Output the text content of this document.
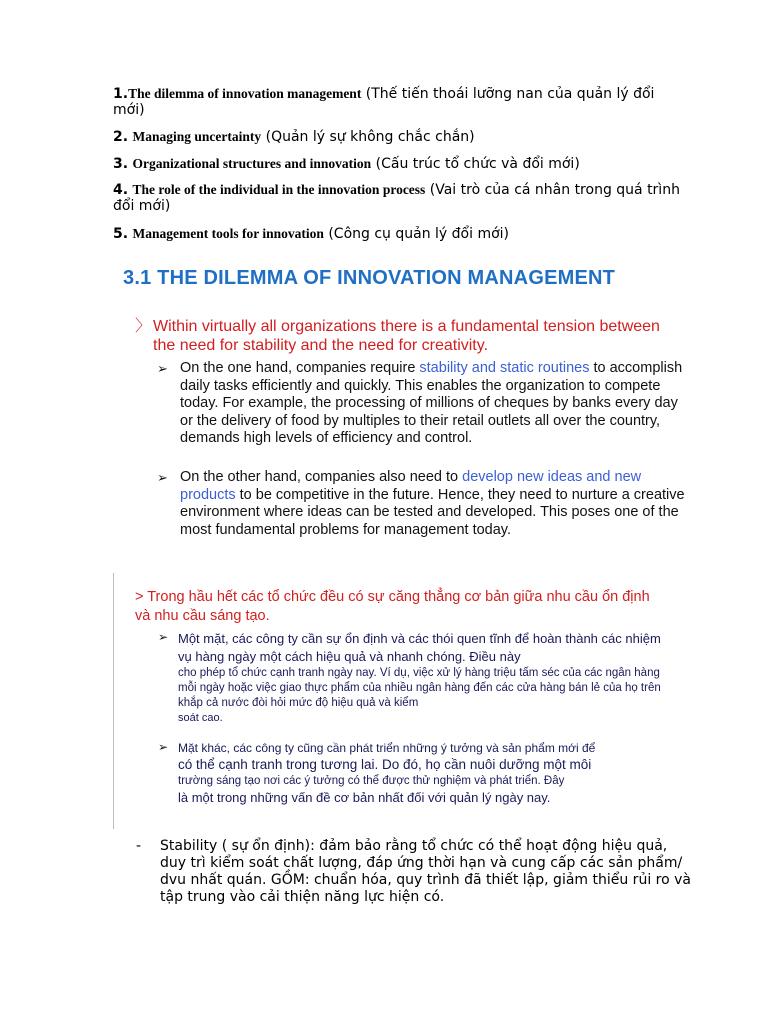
1.The dilemma of innovation management (Thế tiến thoái lưỡng nan của quản lý đổi mới)
2. Managing uncertainty (Quản lý sự không chắc chắn)
3. Organizational structures and innovation (Cấu trúc tổ chức và đổi mới)
4. The role of the individual in the innovation process (Vai trò của cá nhân trong quá trình đổi mới)
5. Management tools for innovation (Công cụ quản lý đổi mới)
3.1 THE DILEMMA OF INNOVATION MANAGEMENT
〉 Within virtually all organizations there is a fundamental tension between the need for stability and the need for creativity.
➢ On the one hand, companies require stability and static routines to accomplish daily tasks efficiently and quickly. This enables the organization to compete today. For example, the processing of millions of cheques by banks every day or the delivery of food by multiples to their retail outlets all over the country, demands high levels of efficiency and control.
➢ On the other hand, companies also need to develop new ideas and new products to be competitive in the future. Hence, they need to nurture a creative environment where ideas can be tested and developed. This poses one of the most fundamental problems for management today.
> Trong hầu hết các tổ chức đều có sự căng thẳng cơ bản giữa nhu cầu ổn định và nhu cầu sáng tạo.
➢ Một mặt, các công ty cần sự ổn định và các thói quen tĩnh để hoàn thành các nhiệm vụ hàng ngày một cách hiệu quả và nhanh chóng. Điều này
cho phép tổ chức cạnh tranh ngày nay. Ví dụ, việc xử lý hàng triệu tấm séc của các ngân hàng mỗi ngày hoặc việc giao thực phẩm của nhiều ngân hàng đến các cửa hàng bán lẻ của họ trên khắp cả nước đòi hỏi mức độ hiệu quả và kiểm
soát cao.
➢ Mặt khác, các công ty cũng cần phát triển những ý tưởng và sản phẩm mới để
có thể cạnh tranh trong tương lai. Do đó, họ cần nuôi dưỡng một môi
trường sáng tạo nơi các ý tưởng có thể được thử nghiệm và phát triển. Đây
là một trong những vấn đề cơ bản nhất đối với quản lý ngày nay.
-	Stability ( sự ổn định): đảm bảo rằng tổ chức có thể hoạt động hiệu quả, duy trì kiểm soát chất lượng, đáp ứng thời hạn và cung cấp các sản phẩm/ dvu nhất quán. GỒM: chuẩn hóa, quy trình đã thiết lập, giảm thiểu rủi ro và tập trung vào cải thiện năng lực hiện có.
